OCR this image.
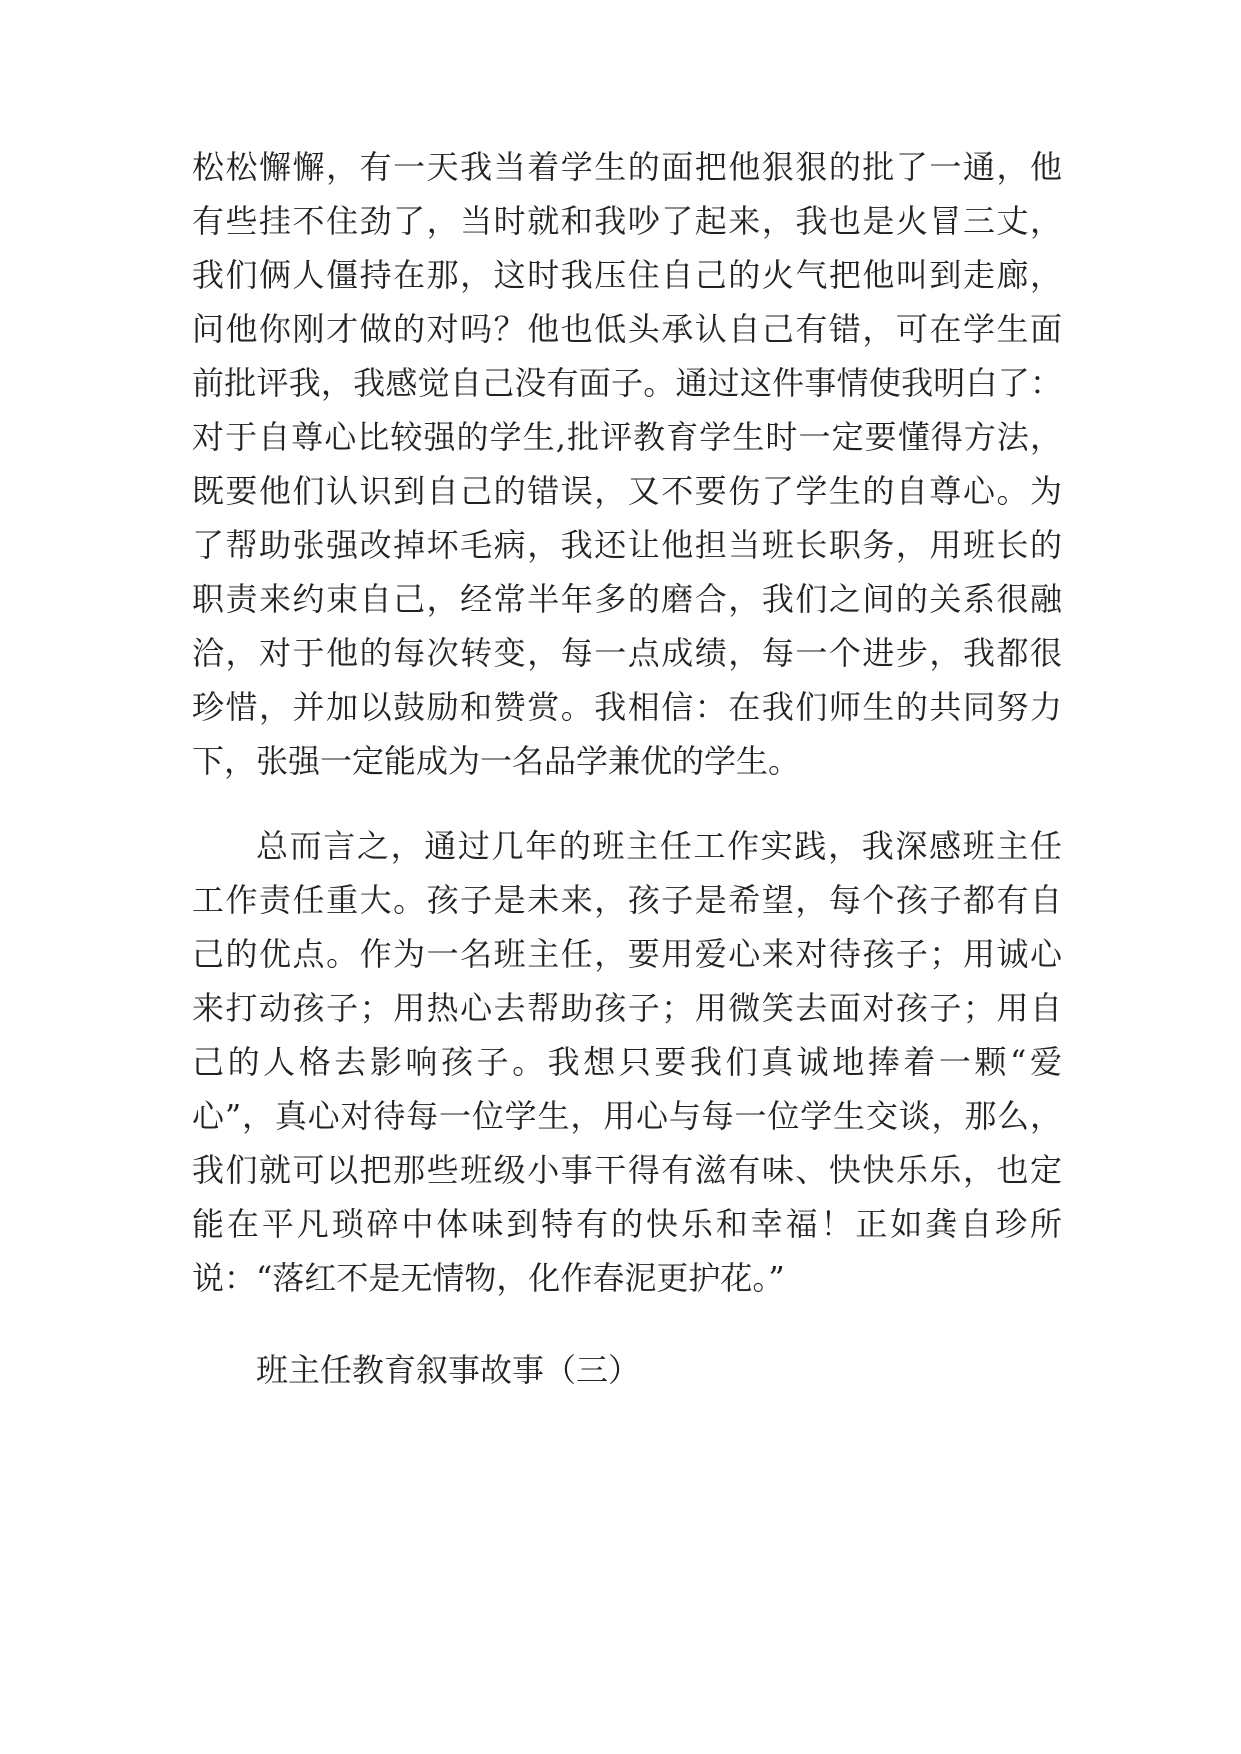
松松懈懈，有一天我当着学生的面把他狠狠的批了一通，他
有些挂不住劲了，当时就和我吵了起来，我也是火冒三丈，
我们俩人僵持在那，这时我压住自己的火气把他叫到走廊，
问他你刚才做的对吗？他也低头承认自己有错，可在学生面
前批评我，我感觉自己没有面子。通过这件事情使我明白了：
对于自尊心比较强的学生,批评教育学生时一定要懂得方法，
既要他们认识到自己的错误，又不要伤了学生的自尊心。为
了帮助张强改掉坏毛病，我还让他担当班长职务，用班长的
职责来约束自己，经常半年多的磨合，我们之间的关系很融
洽，对于他的每次转变，每一点成绩，每一个进步，我都很
珍惜，并加以鼓励和赞赏。我相信：在我们师生的共同努力
下，张强一定能成为一名品学兼优的学生。
总而言之，通过几年的班主任工作实践，我深感班主任
工作责任重大。孩子是未来，孩子是希望，每个孩子都有自
己的优点。作为一名班主任，要用爱心来对待孩子；用诚心
来打动孩子；用热心去帮助孩子；用微笑去面对孩子；用自
己的人格去影响孩子。我想只要我们真诚地捧着一颗“爱
心”，真心对待每一位学生，用心与每一位学生交谈，那么，
我们就可以把那些班级小事干得有滋有味、快快乐乐，也定
能在平凡琐碎中体味到特有的快乐和幸福！正如龚自珍所
说：“落红不是无情物，化作春泥更护花。”
班主任教育叙事故事（三）
